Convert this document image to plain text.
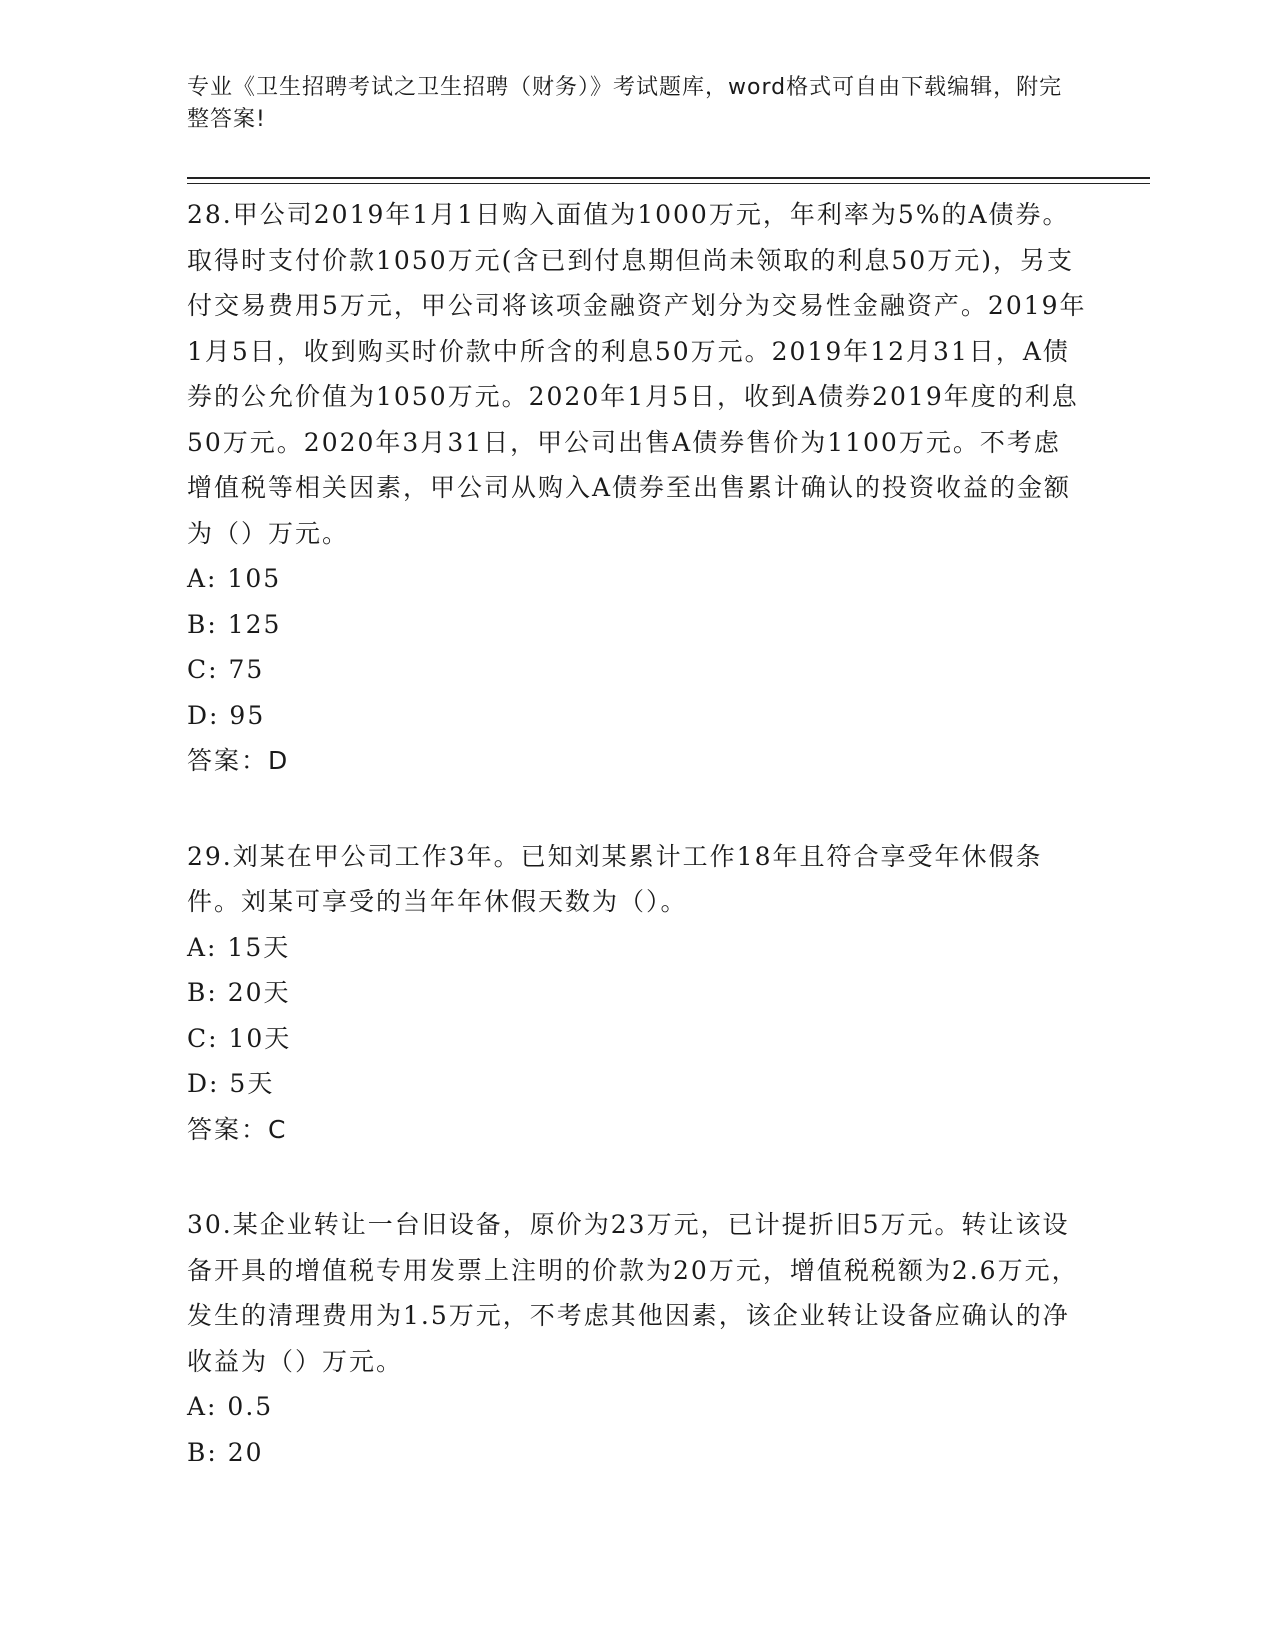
专业《卫生招聘考试之卫生招聘（财务）》考试题库，word格式可自由下载编辑，附完整答案!
28.甲公司2019年1月1日购入面值为1000万元，年利率为5%的A债券。取得时支付价款1050万元(含已到付息期但尚未领取的利息50万元)，另支付交易费用5万元，甲公司将该项金融资产划分为交易性金融资产。2019年1月5日，收到购买时价款中所含的利息50万元。2019年12月31日，A债券的公允价值为1050万元。2020年1月5日，收到A债券2019年度的利息50万元。2020年3月31日，甲公司出售A债券售价为1100万元。不考虑增值税等相关因素，甲公司从购入A债券至出售累计确认的投资收益的金额为（）万元。
A: 105
B: 125
C: 75
D: 95
答案：D
29.刘某在甲公司工作3年。已知刘某累计工作18年且符合享受年休假条件。刘某可享受的当年年休假天数为（）。
A: 15天
B: 20天
C: 10天
D: 5天
答案：C
30.某企业转让一台旧设备，原价为23万元，已计提折旧5万元。转让该设备开具的增值税专用发票上注明的价款为20万元，增值税税额为2.6万元，发生的清理费用为1.5万元，不考虑其他因素，该企业转让设备应确认的净收益为（）万元。
A: 0.5
B: 20
